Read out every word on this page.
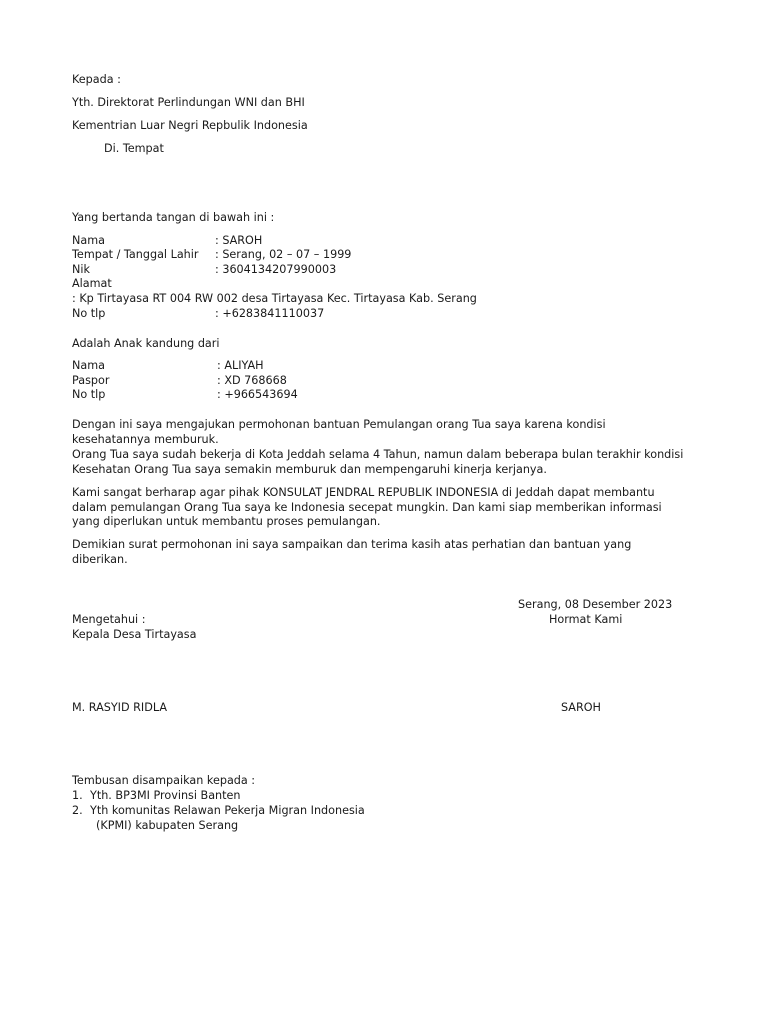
Kepada :
Yth. Direktorat Perlindungan WNI dan BHI
Kementrian Luar Negri Repbulik Indonesia
Di. Tempat
Yang bertanda tangan di bawah ini :
Nama	: SAROH
Tempat / Tanggal Lahir : Serang, 02 – 07 – 1999
Nik	: 3604134207990003
Alamat
: Kp Tirtayasa RT 004 RW 002 desa Tirtayasa Kec. Tirtayasa Kab. Serang
No tlp	: +6283841110037
Adalah Anak kandung dari
Nama	: ALIYAH
Paspor	: XD 768668
No tlp	: +966543694
Dengan ini saya mengajukan permohonan bantuan Pemulangan orang Tua saya karena kondisi
kesehatannya memburuk.
Orang Tua saya sudah bekerja di Kota Jeddah selama 4 Tahun, namun dalam beberapa bulan terakhir kondisi
Kesehatan Orang Tua saya semakin memburuk dan mempengaruhi kinerja kerjanya.
Kami sangat berharap agar pihak KONSULAT JENDRAL REPUBLIK INDONESIA di Jeddah dapat membantu
dalam pemulangan Orang Tua saya ke Indonesia secepat mungkin. Dan kami siap memberikan informasi
yang diperlukan untuk membantu proses pemulangan.
Demikian surat permohonan ini saya sampaikan dan terima kasih atas perhatian dan bantuan yang
diberikan.
Serang, 08 Desember 2023
Mengetahui :	Hormat Kami
Kepala Desa Tirtayasa
M. RASYID RIDLA	SAROH
Tembusan disampaikan kepada :
1. Yth. BP3MI Provinsi Banten
2. Yth komunitas Relawan Pekerja Migran Indonesia
(KPMI) kabupaten Serang
